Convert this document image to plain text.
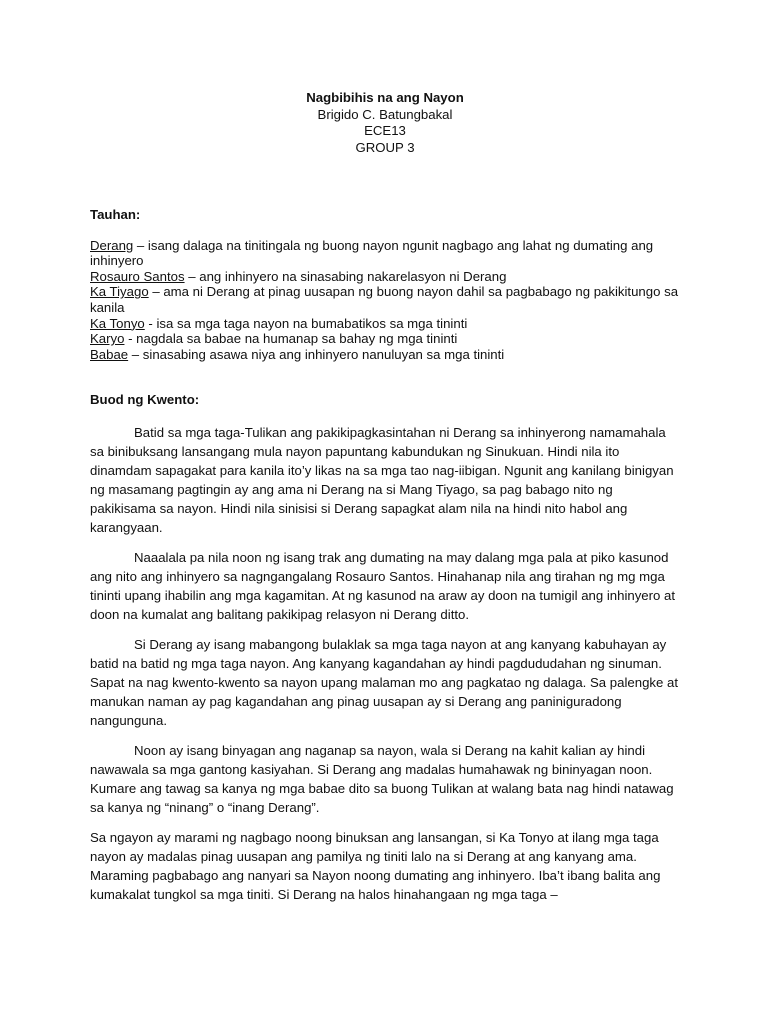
Nagbibihis na ang Nayon
Brigido C. Batungbakal
ECE13
GROUP 3
Tauhan:
Derang – isang dalaga na tinitingala ng buong nayon ngunit nagbago ang lahat ng dumating ang inhinyero
Rosauro Santos – ang inhinyero na sinasabing nakarelasyon ni Derang
Ka Tiyago – ama ni Derang at pinag uusapan ng buong nayon dahil sa pagbabago ng pakikitungo sa kanila
Ka Tonyo - isa sa mga taga nayon na bumabatikos sa mga tininti
Karyo - nagdala sa babae na humanap sa bahay ng mga tininti
Babae – sinasabing asawa niya ang inhinyero nanuluyan sa mga tininti
Buod ng Kwento:

Batid sa mga taga-Tulikan ang pakikipagkasintahan ni Derang sa inhinyerong namamahala sa binibuksang lansangang mula nayon papuntang kabundukan ng Sinukuan. Hindi nila ito dinamdam sapagakat para kanila ito’y likas na sa mga tao nag-iibigan. Ngunit ang kanilang binigyan ng masamang pagtingin ay ang ama ni Derang na si Mang Tiyago, sa pag babago nito ng pakikisama sa nayon. Hindi nila sinisisi si Derang sapagkat alam nila na hindi nito habol ang karangyaan.

Naaalala pa nila noon ng isang trak ang dumating na may dalang mga pala at piko kasunod ang nito ang inhinyero sa nagngangalang Rosauro Santos. Hinahanap nila ang tirahan ng mg mga tininti upang ihabilin ang mga kagamitan. At ng kasunod na araw ay doon na tumigil ang inhinyero at doon na kumalat ang balitang pakikipag relasyon ni Derang ditto.

Si Derang ay isang mabangong bulaklak sa mga taga nayon at ang kanyang kabuhayan ay batid na batid ng mga taga nayon. Ang kanyang kagandahan ay hindi pagdududahan ng sinuman. Sapat na nag kwento-kwento sa nayon upang malaman mo ang pagkatao ng dalaga. Sa palengke at manukan naman ay pag kagandahan ang pinag uusapan ay si Derang ang paniniguradong nangunguna.

Noon ay isang binyagan ang naganap sa nayon, wala si Derang na kahit kalian ay hindi nawawala sa mga gantong kasiyahan. Si Derang ang madalas humahawak ng bininyagan noon. Kumare ang tawag sa kanya ng mga babae dito sa buong Tulikan at walang bata nag hindi natawag sa kanya ng “ninang” o “inang Derang”.

Sa ngayon ay marami ng nagbago noong binuksan ang lansangan, si Ka Tonyo at ilang mga taga nayon ay madalas pinag uusapan ang pamilya ng tiniti lalo na si Derang at ang kanyang ama. Maraming pagbabago ang nanyari sa Nayon noong dumating ang inhinyero. Iba’t ibang balita ang kumakalat tungkol sa mga tiniti. Si Derang na halos hinahangaan ng mga taga –
